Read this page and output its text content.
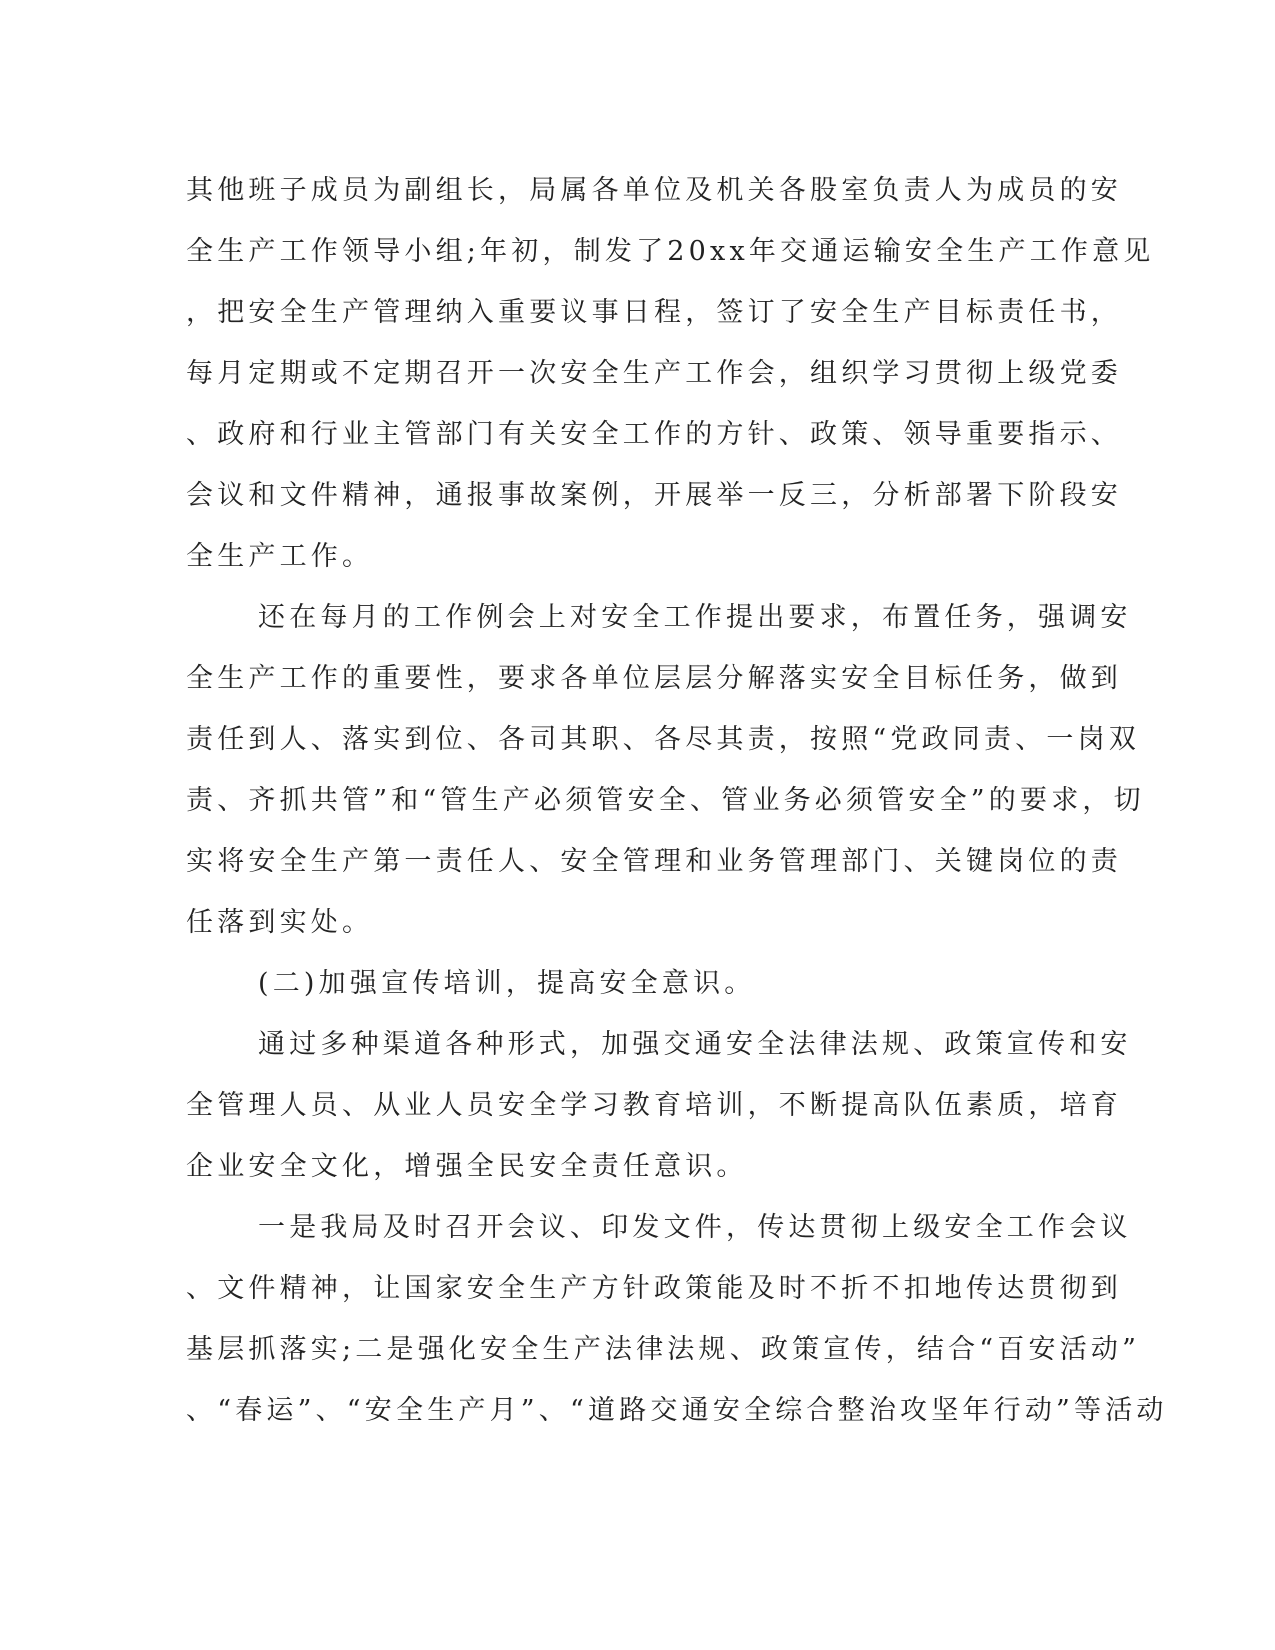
其他班子成员为副组长，局属各单位及机关各股室负责人为成员的安
全生产工作领导小组;年初，制发了20xx年交通运输安全生产工作意见
，把安全生产管理纳入重要议事日程，签订了安全生产目标责任书，
每月定期或不定期召开一次安全生产工作会，组织学习贯彻上级党委
、政府和行业主管部门有关安全工作的方针、政策、领导重要指示、
会议和文件精神，通报事故案例，开展举一反三，分析部署下阶段安
全生产工作。
还在每月的工作例会上对安全工作提出要求，布置任务，强调安
全生产工作的重要性，要求各单位层层分解落实安全目标任务，做到
责任到人、落实到位、各司其职、各尽其责，按照“党政同责、一岗双
责、齐抓共管”和“管生产必须管安全、管业务必须管安全”的要求，切
实将安全生产第一责任人、安全管理和业务管理部门、关键岗位的责
任落到实处。
(二)加强宣传培训，提高安全意识。
通过多种渠道各种形式，加强交通安全法律法规、政策宣传和安
全管理人员、从业人员安全学习教育培训，不断提高队伍素质，培育
企业安全文化，增强全民安全责任意识。
一是我局及时召开会议、印发文件，传达贯彻上级安全工作会议
、文件精神，让国家安全生产方针政策能及时不折不扣地传达贯彻到
基层抓落实;二是强化安全生产法律法规、政策宣传，结合“百安活动”
、“春运”、“安全生产月”、“道路交通安全综合整治攻坚年行动”等活动
